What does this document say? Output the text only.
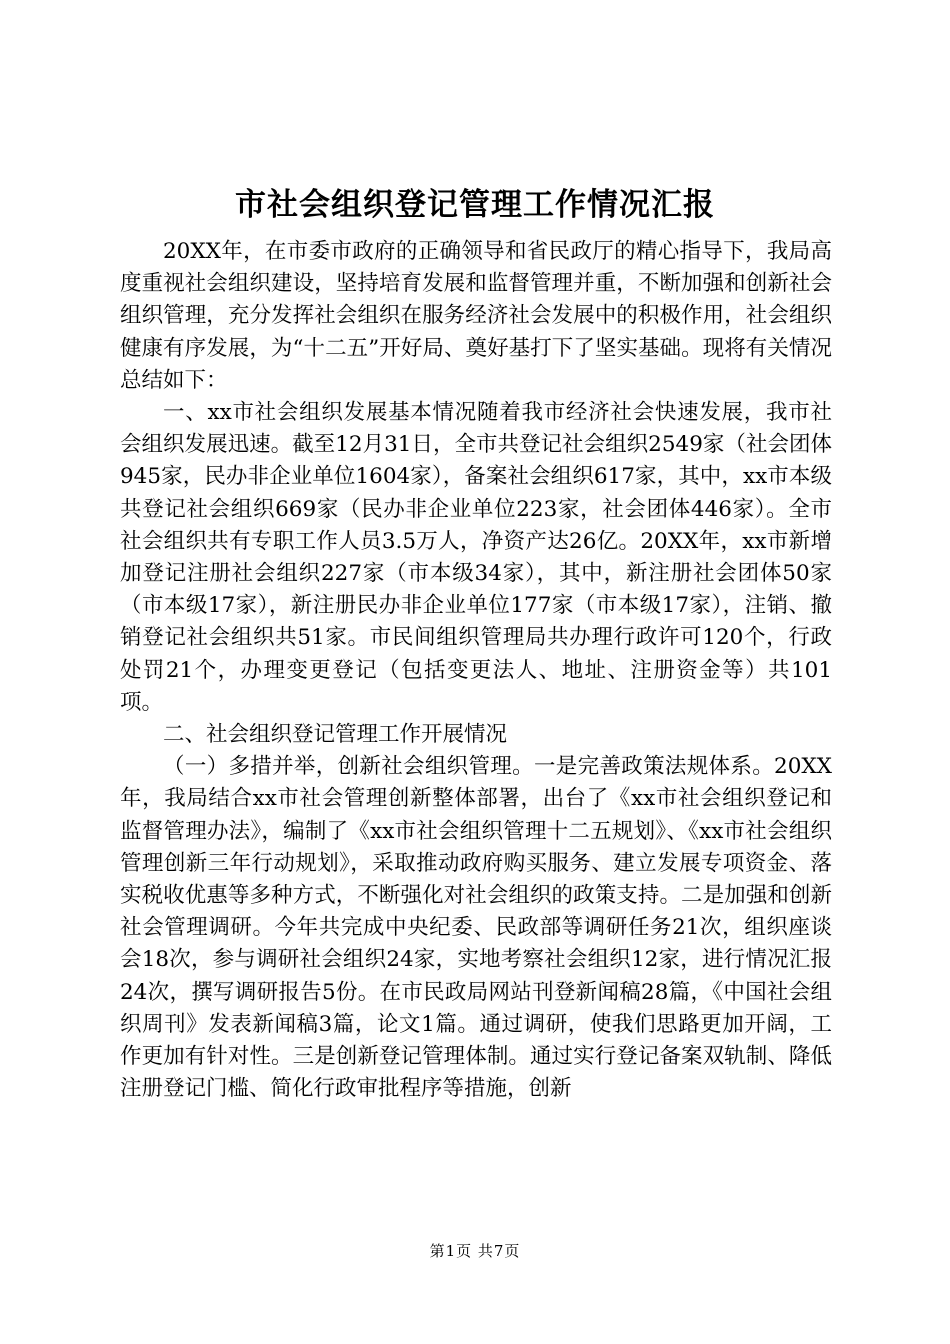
市社会组织登记管理工作情况汇报

20XX年，在市委市政府的正确领导和省民政厅的精心指导下，我局高度重视社会组织建设，坚持培育发展和监督管理并重，不断加强和创新社会组织管理，充分发挥社会组织在服务经济社会发展中的积极作用，社会组织健康有序发展，为“十二五”开好局、奠好基打下了坚实基础。现将有关情况总结如下：

一、xx市社会组织发展基本情况随着我市经济社会快速发展，我市社会组织发展迅速。截至12月31日，全市共登记社会组织2549家（社会团体945家，民办非企业单位1604家），备案社会组织617家，其中，xx市本级共登记社会组织669家（民办非企业单位223家，社会团体446家）。全市社会组织共有专职工作人员3.5万人，净资产达26亿。20XX年，xx市新增加登记注册社会组织227家（市本级34家），其中，新注册社会团体50家（市本级17家），新注册民办非企业单位177家（市本级17家），注销、撤销登记社会组织共51家。市民间组织管理局共办理行政许可120个，行政处罚21个，办理变更登记（包括变更法人、地址、注册资金等）共101项。

二、社会组织登记管理工作开展情况

（一）多措并举，创新社会组织管理。一是完善政策法规体系。20XX年，我局结合xx市社会管理创新整体部署，出台了《xx市社会组织登记和监督管理办法》，编制了《xx市社会组织管理十二五规划》、《xx市社会组织管理创新三年行动规划》，采取推动政府购买服务、建立发展专项资金、落实税收优惠等多种方式，不断强化对社会组织的政策支持。二是加强和创新社会管理调研。今年共完成中央纪委、民政部等调研任务21次，组织座谈会18次，参与调研社会组织24家，实地考察社会组织12家，进行情况汇报24次，撰写调研报告5份。在市民政局网站刊登新闻稿28篇，《中国社会组织周刊》发表新闻稿3篇，论文1篇。通过调研，使我们思路更加开阔，工作更加有针对性。三是创新登记管理体制。通过实行登记备案双轨制、降低注册登记门槛、简化行政审批程序等措施，创新

第1页 共7页
